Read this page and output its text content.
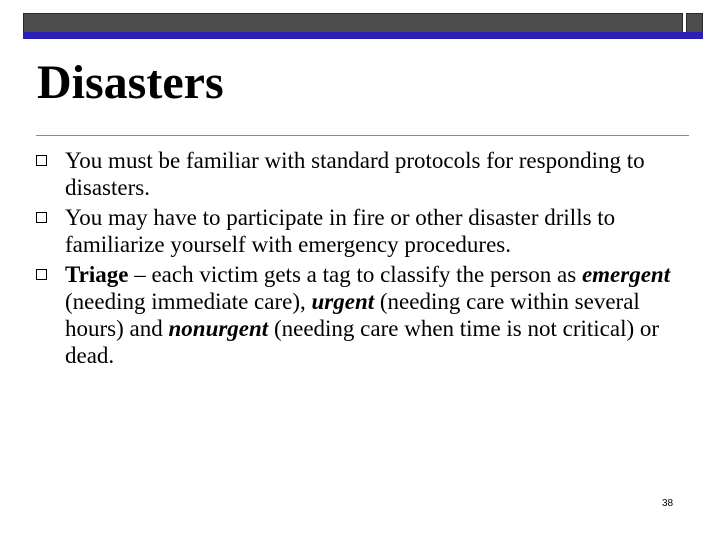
Disasters
You must be familiar with standard protocols for responding to disasters.
You may have to participate in fire or other disaster drills to familiarize yourself with emergency procedures.
Triage – each victim gets a tag to classify the person as emergent (needing immediate care), urgent (needing care within several hours) and nonurgent (needing care when time is not critical) or dead.
38
